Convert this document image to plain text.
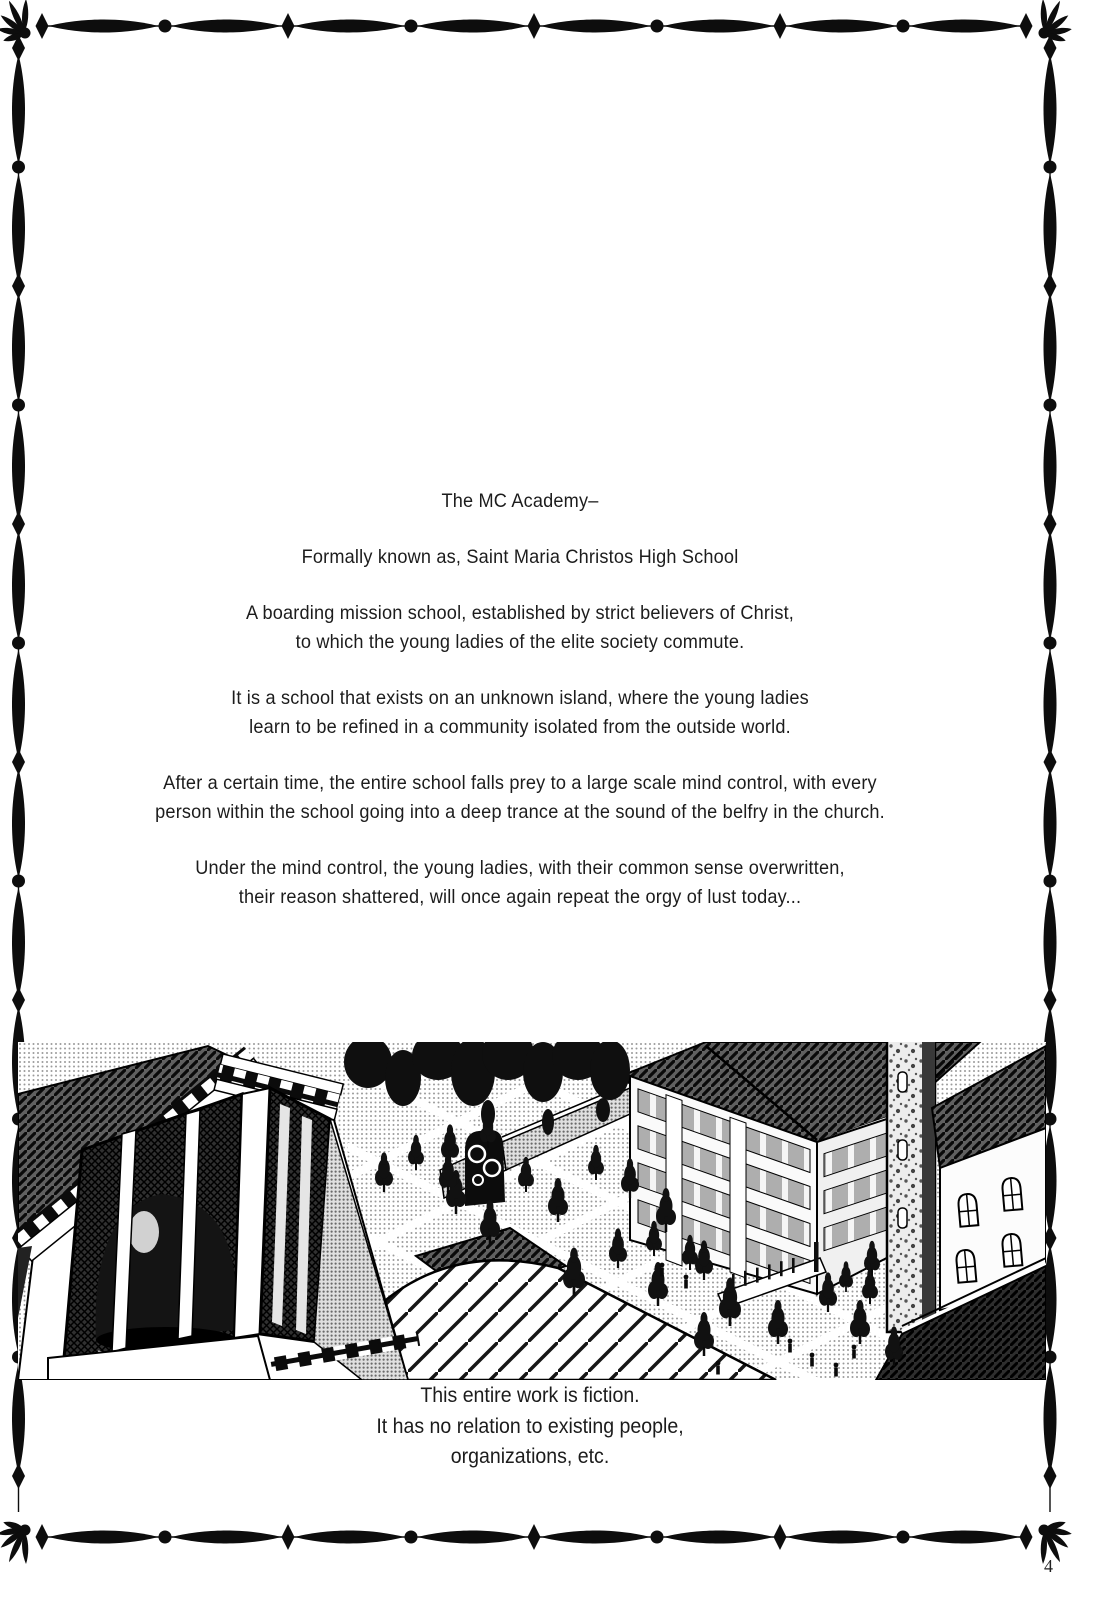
The MC Academy–
Formally known as, Saint Maria Christos High School
A boarding mission school, established by strict believers of Christ,
to which the young ladies of the elite society commute.
It is a school that exists on an unknown island, where the young ladies
learn to be refined in a community isolated from the outside world.
After a certain time, the entire school falls prey to a large scale mind control, with every
person within the school going into a deep trance at the sound of the belfry in the church.
Under the mind control, the young ladies, with their common sense overwritten,
their reason shattered, will once again repeat the orgy of lust today...
This entire work is fiction.
It has no relation to existing people,
organizations, etc.
4
